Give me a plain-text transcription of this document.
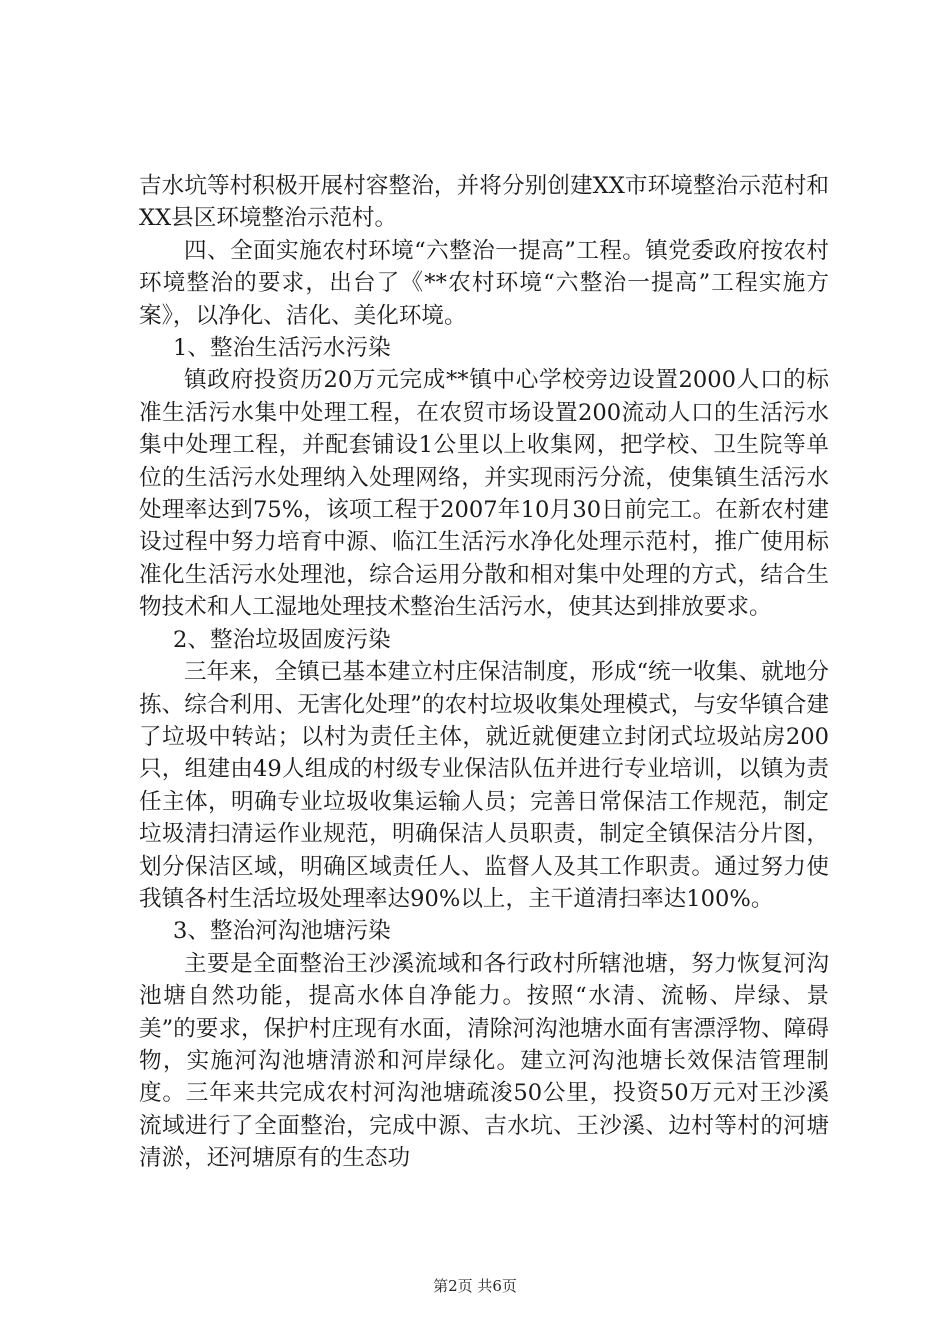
吉水坑等村积极开展村容整治，并将分别创建XX市环境整治示范村和XX县区环境整治示范村。

四、全面实施农村环境“六整治一提高”工程。镇党委政府按农村环境整治的要求，出台了《**农村环境“六整治一提高”工程实施方案》，以净化、洁化、美化环境。

1、整治生活污水污染

镇政府投资历20万元完成**镇中心学校旁边设置2000人口的标准生活污水集中处理工程，在农贸市场设置200流动人口的生活污水集中处理工程，并配套铺设1公里以上收集网，把学校、卫生院等单位的生活污水处理纳入处理网络，并实现雨污分流，使集镇生活污水处理率达到75%，该项工程于2007年10月30日前完工。在新农村建设过程中努力培育中源、临江生活污水净化处理示范村，推广使用标准化生活污水处理池，综合运用分散和相对集中处理的方式，结合生物技术和人工湿地处理技术整治生活污水，使其达到排放要求。

2、整治垃圾固废污染

三年来，全镇已基本建立村庄保洁制度，形成“统一收集、就地分拣、综合利用、无害化处理”的农村垃圾收集处理模式，与安华镇合建了垃圾中转站；以村为责任主体，就近就便建立封闭式垃圾站房200只，组建由49人组成的村级专业保洁队伍并进行专业培训，以镇为责任主体，明确专业垃圾收集运输人员；完善日常保洁工作规范，制定垃圾清扫清运作业规范，明确保洁人员职责，制定全镇保洁分片图，划分保洁区域，明确区域责任人、监督人及其工作职责。通过努力使我镇各村生活垃圾处理率达90%以上，主干道清扫率达100%。

3、整治河沟池塘污染

主要是全面整治王沙溪流域和各行政村所辖池塘，努力恢复河沟池塘自然功能，提高水体自净能力。按照“水清、流畅、岸绿、景美”的要求，保护村庄现有水面，清除河沟池塘水面有害漂浮物、障碍物，实施河沟池塘清淤和河岸绿化。建立河沟池塘长效保洁管理制度。三年来共完成农村河沟池塘疏浚50公里，投资50万元对王沙溪流域进行了全面整治，完成中源、吉水坑、王沙溪、边村等村的河塘清淤，还河塘原有的生态功

第2页 共6页
